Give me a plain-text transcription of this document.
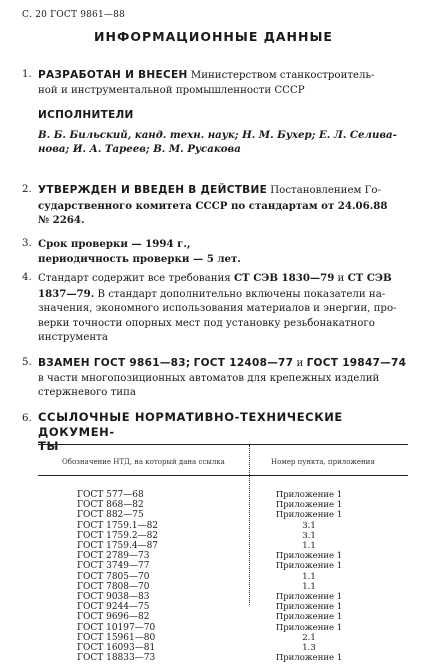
С. 20 ГОСТ 9861—88
ИНФОРМАЦИОННЫЕ ДАННЫЕ
1. РАЗРАБОТАН И ВНЕСЕН Министерством станкостроитель-
ной и инструментальной промышленности СССР
ИСПОЛНИТЕЛИ
В. Б. Бильский, канд. техн. наук; Н. М. Бухер; Е. Л. Селива-
нова; И. А. Тареев; В. М. Русакова
2. УТВЕРЖДЕН И ВВЕДЕН В ДЕЙСТВИЕ Постановлением Го-
сударственного комитета СССР по стандартам от 24.06.88
№ 2264.
3. Срок проверки — 1994 г.,
периодичность проверки — 5 лет.
4. Стандарт содержит все требования СТ СЭВ 1830—79 и СТ СЭВ
1837—79. В стандарт дополнительно включены показатели на-
значения, экономного использования материалов и энергии, про-
верки точности опорных мест под установку резьбонакатного
инструмента
5. ВЗАМЕН ГОСТ 9861—83; ГОСТ 12408—77 и ГОСТ 19847—74
в части многопозиционных автоматов для крепежных изделий
стержневого типа
6. ССЫЛОЧНЫЕ НОРМАТИВНО-ТЕХНИЧЕСКИЕ ДОКУМЕН-
ТЫ
Обозначение НТД, на который дана ссылка	Номер пункта, приложения
ГОСТ 577—68	Приложение 1
ГОСТ 868—82	Приложение 1
ГОСТ 882—75	Приложение 1
ГОСТ 1759.1—82	3.1
ГОСТ 1759.2—82	3.1
ГОСТ 1759.4—87	1.1
ГОСТ 2789—73	Приложение 1
ГОСТ 3749—77	Приложение 1
ГОСТ 7805—70	1.1
ГОСТ 7808—70	1.1
ГОСТ 9038—83	Приложение 1
ГОСТ 9244—75	Приложение 1
ГОСТ 9696—82	Приложение 1
ГОСТ 10197—70	Приложение 1
ГОСТ 15961—80	2.1
ГОСТ 16093—81	1.3
ГОСТ 18833—73	Приложение 1
